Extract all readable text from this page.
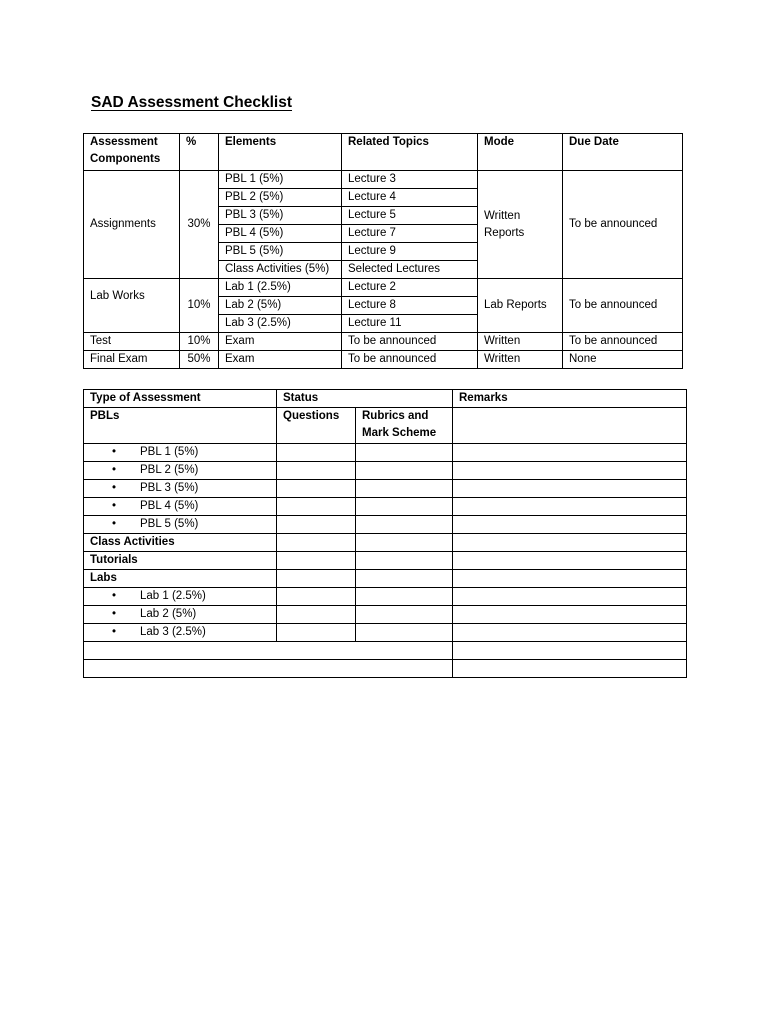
SAD Assessment Checklist
Assessment Components	%	Elements	Related Topics	Mode	Due Date
Assignments	30%	PBL 1 (5%)	Lecture 3	Written Reports	To be announced
		PBL 2 (5%)	Lecture 4		
		PBL 3 (5%)	Lecture 5		
		PBL 4 (5%)	Lecture 7		
		PBL 5 (5%)	Lecture 9		
		Class Activities (5%)	Selected Lectures		
Lab Works	10%	Lab 1 (2.5%)	Lecture 2	Lab Reports	To be announced
		Lab 2 (5%)	Lecture 8		
		Lab 3 (2.5%)	Lecture 11		
Test	10%	Exam	To be announced	Written	To be announced
Final Exam	50%	Exam	To be announced	Written	None
Type of Assessment	Status		Remarks
PBLs	Questions	Rubrics and Mark Scheme	
• PBL 1 (5%)			
• PBL 2 (5%)			
• PBL 3 (5%)			
• PBL 4 (5%)			
• PBL 5 (5%)			
Class Activities			
Tutorials			
Labs			
• Lab 1 (2.5%)			
• Lab 2 (5%)			
• Lab 3 (2.5%)			
